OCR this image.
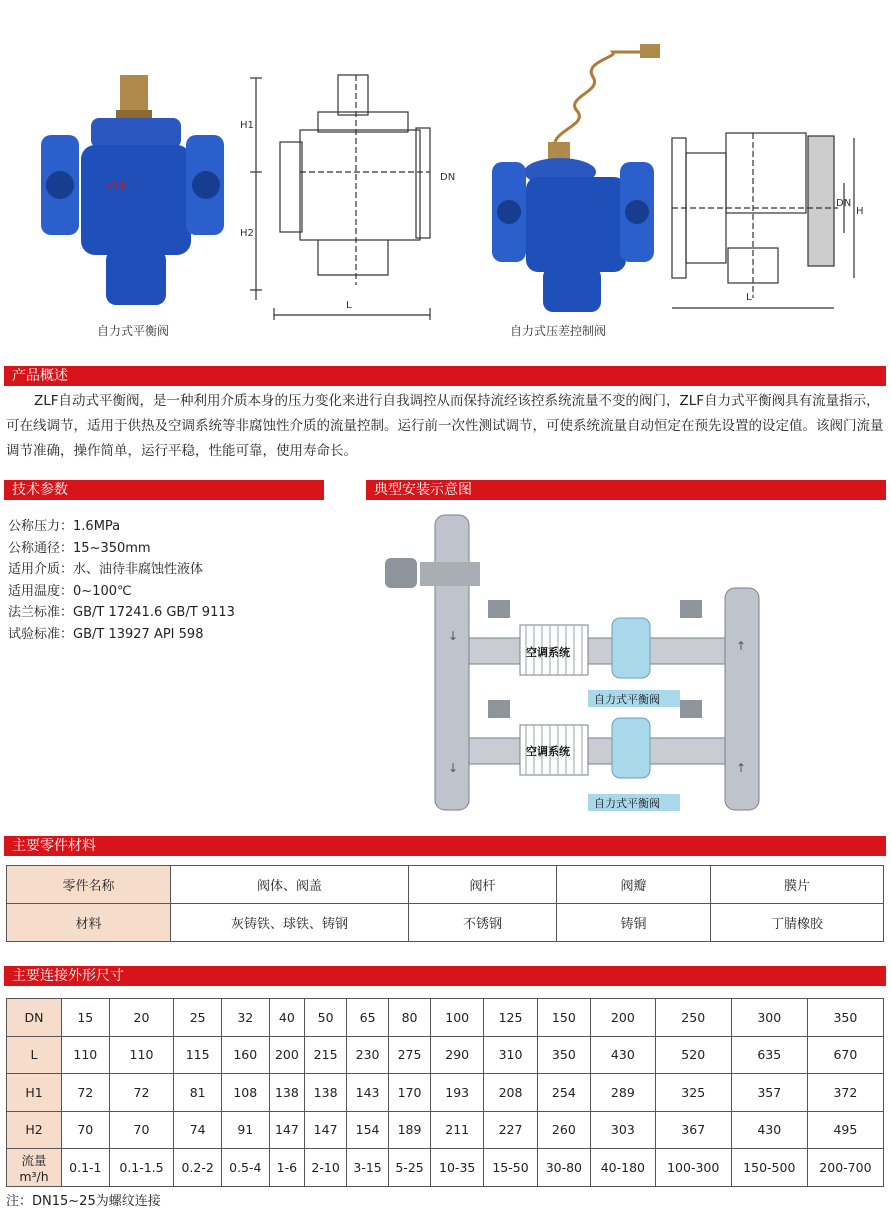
ZLF
自力式平衡阀
H1
H2
DN
L
自力式压差控制阀
DN
H
L
产品概述
ZLF自动式平衡阀，是一种利用介质本身的压力变化来进行自我调控从而保持流经该控系统流量不变的阀门，ZLF自力式平衡阀具有流量指示，可在线调节，适用于供热及空调系统等非腐蚀性介质的流量控制。运行前一次性测试调节，可使系统流量自动恒定在预先设置的设定值。该阀门流量调节准确，操作简单，运行平稳，性能可靠，使用寿命长。
技术参数
公称压力：1.6MPa
公称通径：15~350mm
适用介质：水、油待非腐蚀性液体
适用温度：0~100℃
法兰标准：GB/T 17241.6 GB/T 9113
试验标准：GB/T 13927 API 598
典型安装示意图
空调系统
空调系统
自力式平衡阀
自力式平衡阀
↓
↓
↑
↑
主要零件材料
零件名称	阀体、阀盖	阀杆	阀瓣	膜片
材料	灰铸铁、球铁、铸钢	不锈钢	铸铜	丁腈橡胶
主要连接外形尺寸
DN	15	20	25	32	40	50	65	80	100	125	150	200	250	300	350
L	110	110	115	160	200	215	230	275	290	310	350	430	520	635	670
H1	72	72	81	108	138	138	143	170	193	208	254	289	325	357	372
H2	70	70	74	91	147	147	154	189	211	227	260	303	367	430	495
流量m³/h	0.1-1	0.1-1.5	0.2-2	0.5-4	1-6	2-10	3-15	5-25	10-35	15-50	30-80	40-180	100-300	150-500	200-700
注：DN15~25为螺纹连接
